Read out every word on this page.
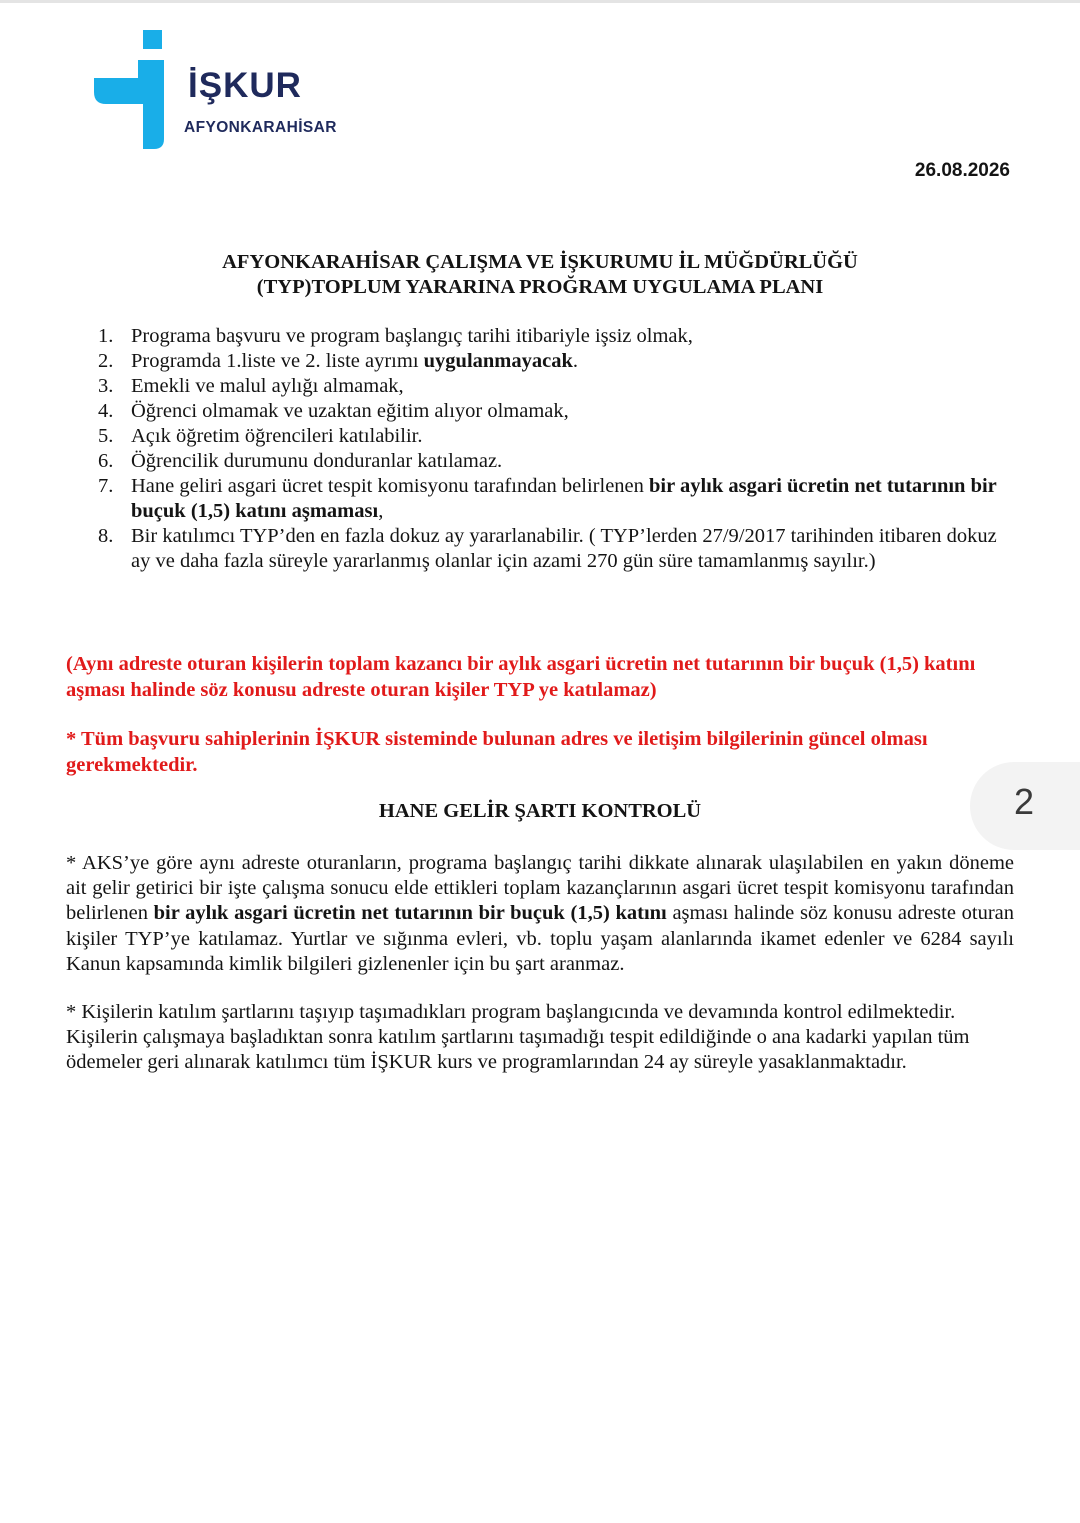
İŞKUR
AFYONKARAHİSAR
26.08.2026
AFYONKARAHİSAR ÇALIŞMA VE İŞKURUMU İL MÜĞDÜRLÜĞÜ
(TYP)TOPLUM YARARINA PROĞRAM UYGULAMA PLANI
1. Programa başvuru ve program başlangıç tarihi itibariyle işsiz olmak,
2. Programda 1.liste ve 2. liste ayrımı uygulanmayacak.
3. Emekli ve malul aylığı almamak,
4. Öğrenci olmamak ve uzaktan eğitim alıyor olmamak,
5. Açık öğretim öğrencileri katılabilir.
6. Öğrencilik durumunu donduranlar katılamaz.
7. Hane geliri asgari ücret tespit komisyonu tarafından belirlenen bir aylık asgari ücretin net tutarının bir buçuk (1,5) katını aşmaması,
8. Bir katılımcı TYP’den en fazla dokuz ay yararlanabilir. ( TYP’lerden 27/9/2017 tarihinden itibaren dokuz ay ve daha fazla süreyle yararlanmış olanlar için azami 270 gün süre tamamlanmış sayılır.)
(Aynı adreste oturan kişilerin toplam kazancı bir aylık asgari ücretin net tutarının bir buçuk (1,5) katını aşması halinde söz konusu adreste oturan kişiler TYP ye katılamaz)
* Tüm başvuru sahiplerinin İŞKUR sisteminde bulunan adres ve iletişim bilgilerinin güncel olması gerekmektedir.
HANE GELİR ŞARTI KONTROLÜ
* AKS’ye göre aynı adreste oturanların, programa başlangıç tarihi dikkate alınarak ulaşılabilen en yakın döneme ait gelir getirici bir işte çalışma sonucu elde ettikleri toplam kazançlarının asgari ücret tespit komisyonu tarafından belirlenen bir aylık asgari ücretin net tutarının bir buçuk (1,5) katını aşması halinde söz konusu adreste oturan kişiler TYP’ye katılamaz. Yurtlar ve sığınma evleri, vb. toplu yaşam alanlarında ikamet edenler ve 6284 sayılı Kanun kapsamında kimlik bilgileri gizlenenler için bu şart aranmaz.
* Kişilerin katılım şartlarını taşıyıp taşımadıkları program başlangıcında ve devamında kontrol edilmektedir. Kişilerin çalışmaya başladıktan sonra katılım şartlarını taşımadığı tespit edildiğinde o ana kadarki yapılan tüm ödemeler geri alınarak katılımcı tüm İŞKUR kurs ve programlarından 24 ay süreyle yasaklanmaktadır.
2
